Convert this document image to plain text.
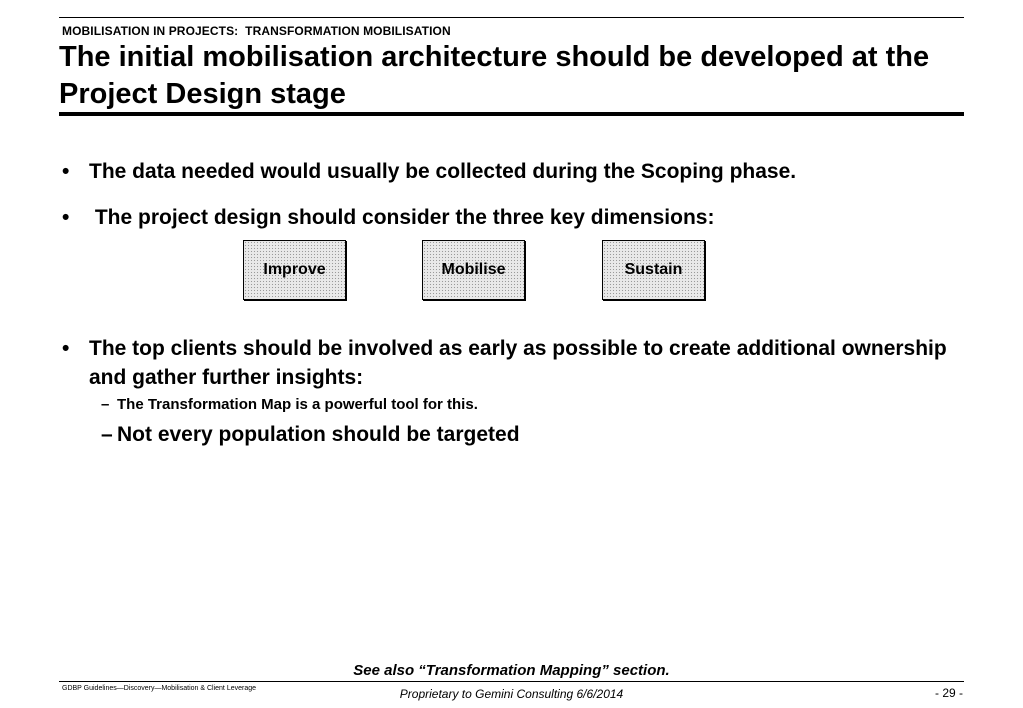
MOBILISATION IN PROJECTS:  TRANSFORMATION MOBILISATION
The initial mobilisation architecture should be developed at the Project Design stage
• The data needed would usually be collected during the Scoping phase.
• The project design should consider the three key dimensions:
Improve	Mobilise	Sustain
• The top clients should be involved as early as possible to create additional ownership and gather further insights:
– The Transformation Map is a powerful tool for this.
– Not every population should be targeted
See also “Transformation Mapping” section.
GDBP Guidelines—Discovery—Mobilisation & Client Leverage	Proprietary to Gemini Consulting 6/6/2014	- 29 -
